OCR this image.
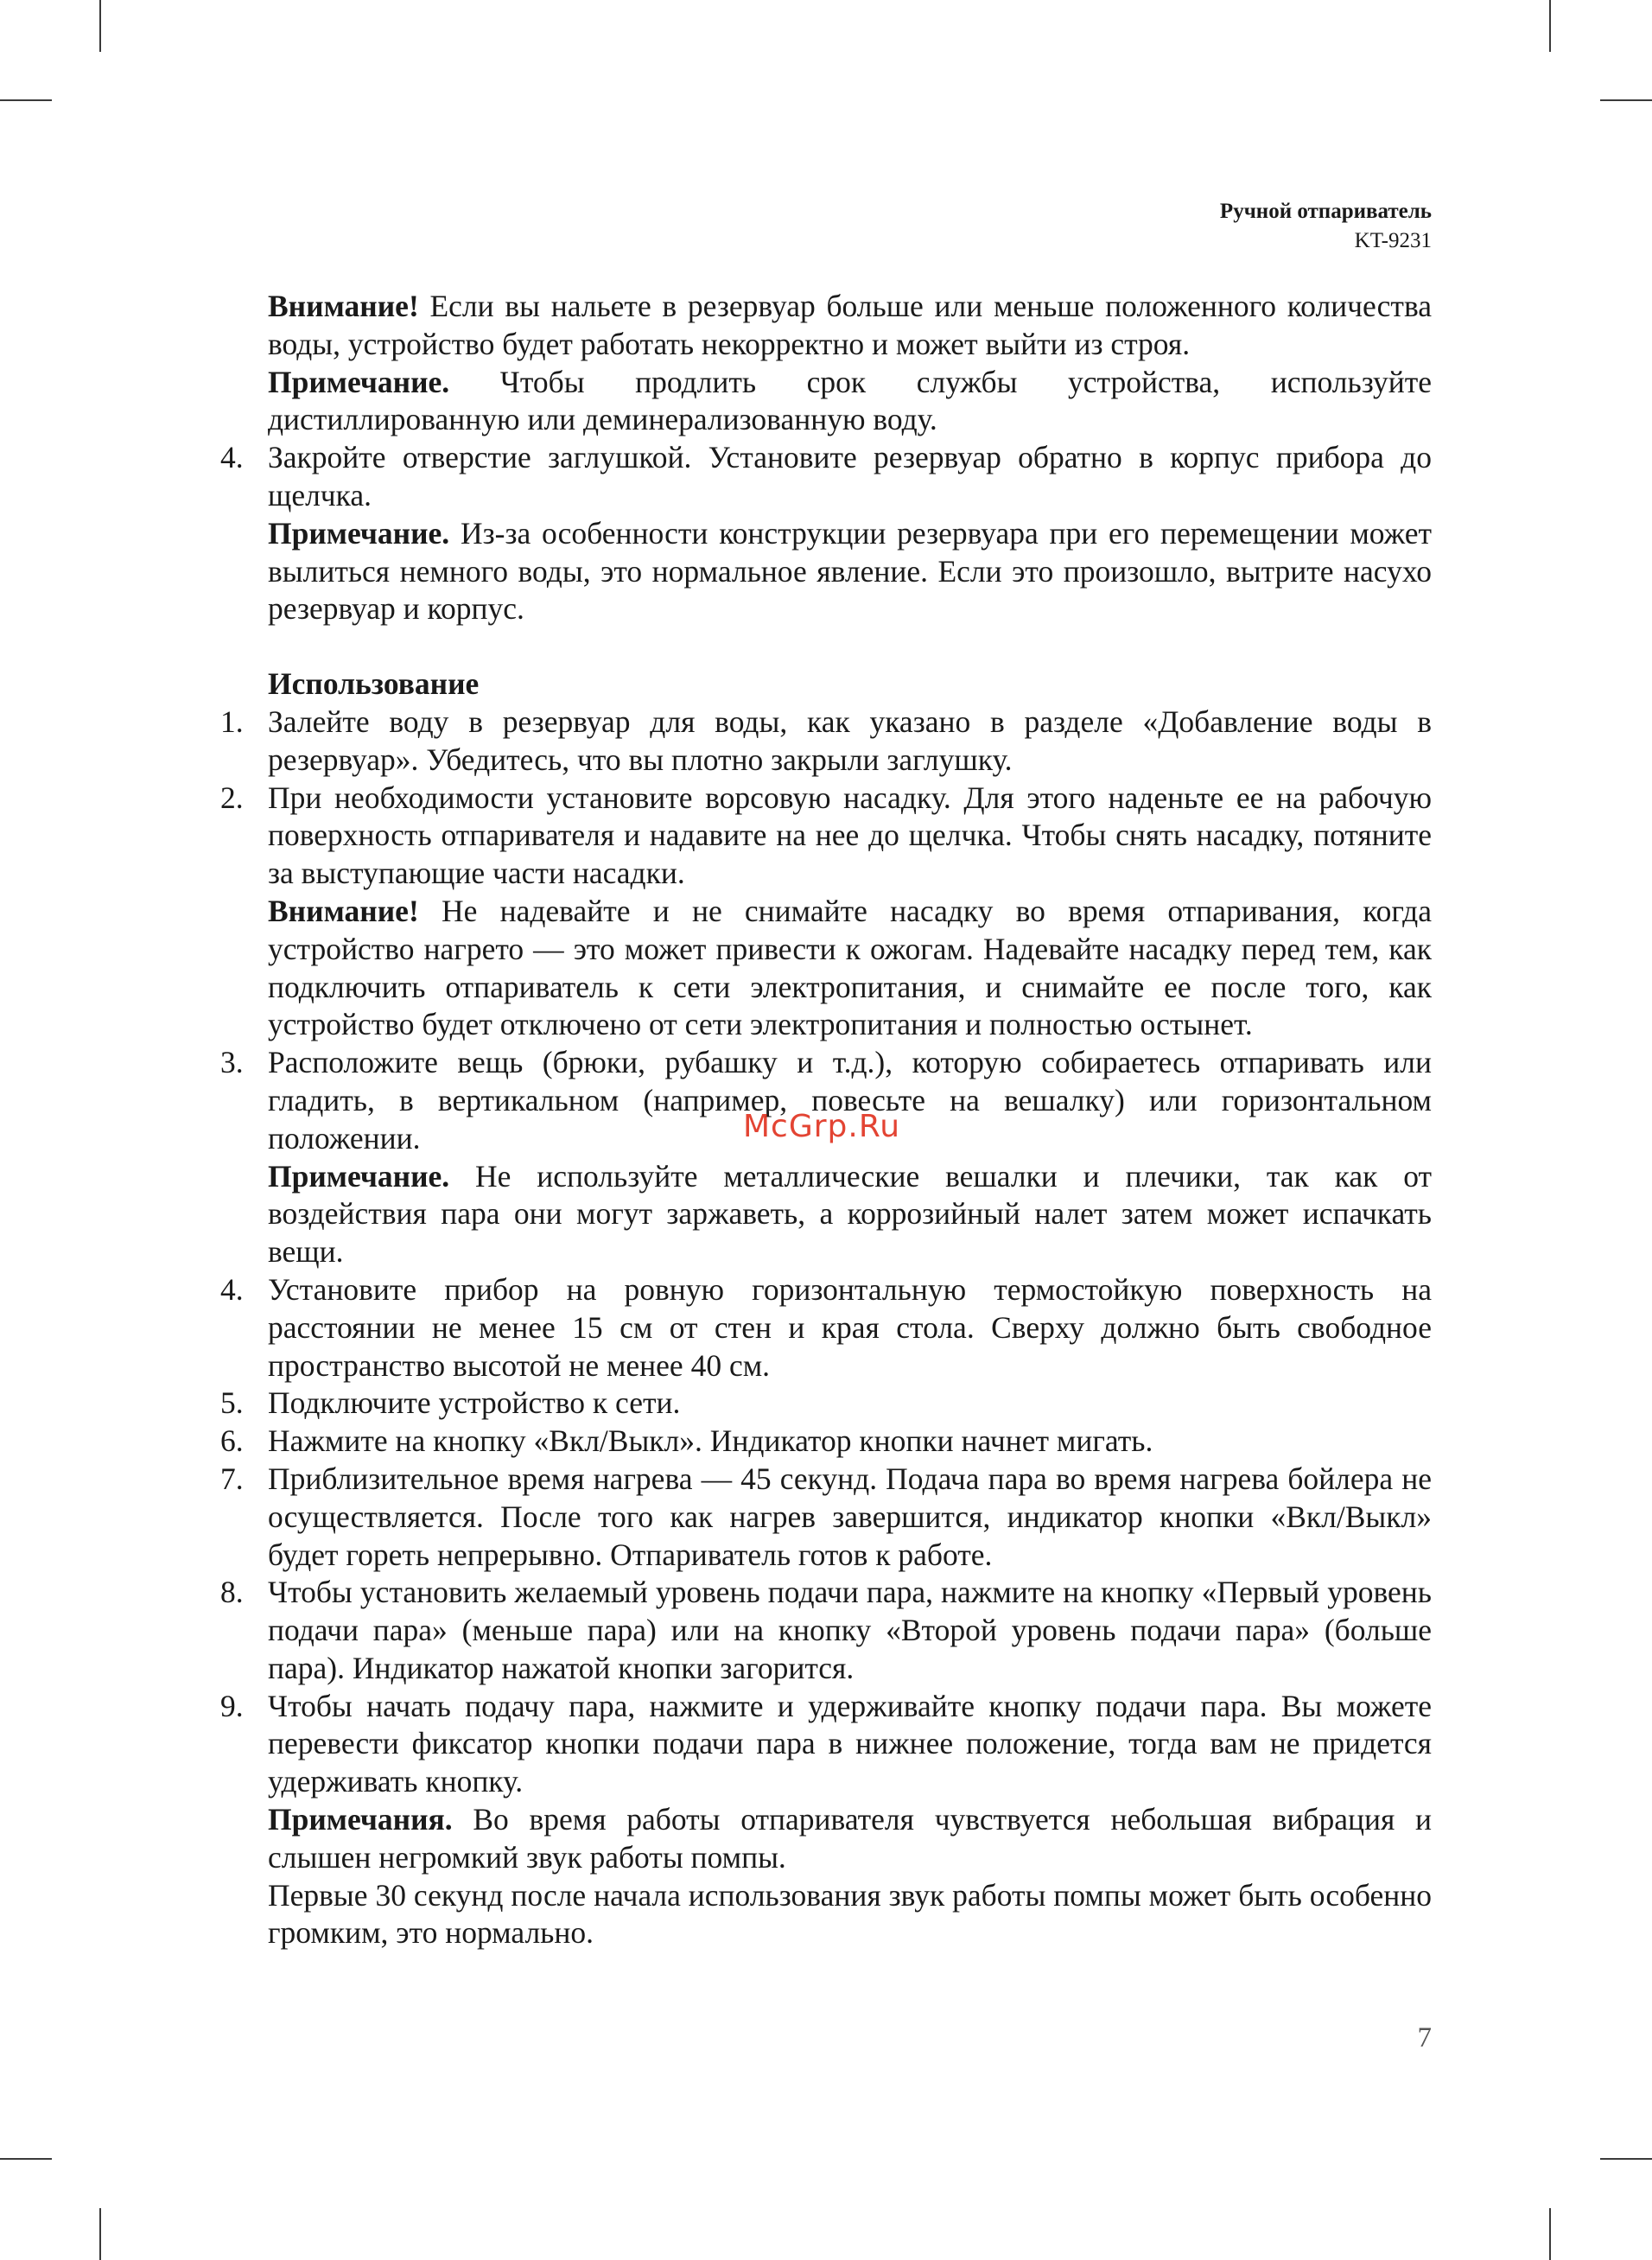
Ручной отпариватель
KT-9231
Внимание! Если вы нальете в резервуар больше или меньше положенного количества воды, устройство будет работать некорректно и может выйти из строя.
Примечание. Чтобы продлить срок службы устройства, используйте дистиллированную или деминерализованную воду.
4. Закройте отверстие заглушкой. Установите резервуар обратно в корпус прибора до щелчка.
Примечание. Из-за особенности конструкции резервуара при его перемещении может вылиться немного воды, это нормальное явление. Если это произошло, вытрите насухо резервуар и корпус.
Использование
1. Залейте воду в резервуар для воды, как указано в разделе «Добавление воды в резервуар». Убедитесь, что вы плотно закрыли заглушку.
2. При необходимости установите ворсовую насадку. Для этого наденьте ее на рабочую поверхность отпаривателя и надавите на нее до щелчка. Чтобы снять насадку, потяните за выступающие части насадки.
Внимание! Не надевайте и не снимайте насадку во время отпаривания, когда устройство нагрето — это может привести к ожогам. Надевайте насадку перед тем, как подключить отпариватель к сети электропитания, и снимайте ее после того, как устройство будет отключено от сети электропитания и полностью остынет.
3. Расположите вещь (брюки, рубашку и т.д.), которую собираетесь отпаривать или гладить, в вертикальном (например, повесьте на вешалку) или горизонтальном положении.
Примечание. Не используйте металлические вешалки и плечики, так как от воздействия пара они могут заржаветь, а коррозийный налет затем может испачкать вещи.
4. Установите прибор на ровную горизонтальную термостойкую поверхность на расстоянии не менее 15 см от стен и края стола. Сверху должно быть свободное пространство высотой не менее 40 см.
5. Подключите устройство к сети.
6. Нажмите на кнопку «Вкл/Выкл». Индикатор кнопки начнет мигать.
7. Приблизительное время нагрева — 45 секунд. Подача пара во время нагрева бойлера не осуществляется. После того как нагрев завершится, индикатор кнопки «Вкл/Выкл» будет гореть непрерывно. Отпариватель готов к работе.
8. Чтобы установить желаемый уровень подачи пара, нажмите на кнопку «Первый уровень подачи пара» (меньше пара) или на кнопку «Второй уровень подачи пара» (больше пара). Индикатор нажатой кнопки загорится.
9. Чтобы начать подачу пара, нажмите и удерживайте кнопку подачи пара. Вы можете перевести фиксатор кнопки подачи пара в нижнее положение, тогда вам не придется удерживать кнопку.
Примечания. Во время работы отпаривателя чувствуется небольшая вибрация и слышен негромкий звук работы помпы.
Первые 30 секунд после начала использования звук работы помпы может быть особенно громким, это нормально.
McGrp.Ru
7
